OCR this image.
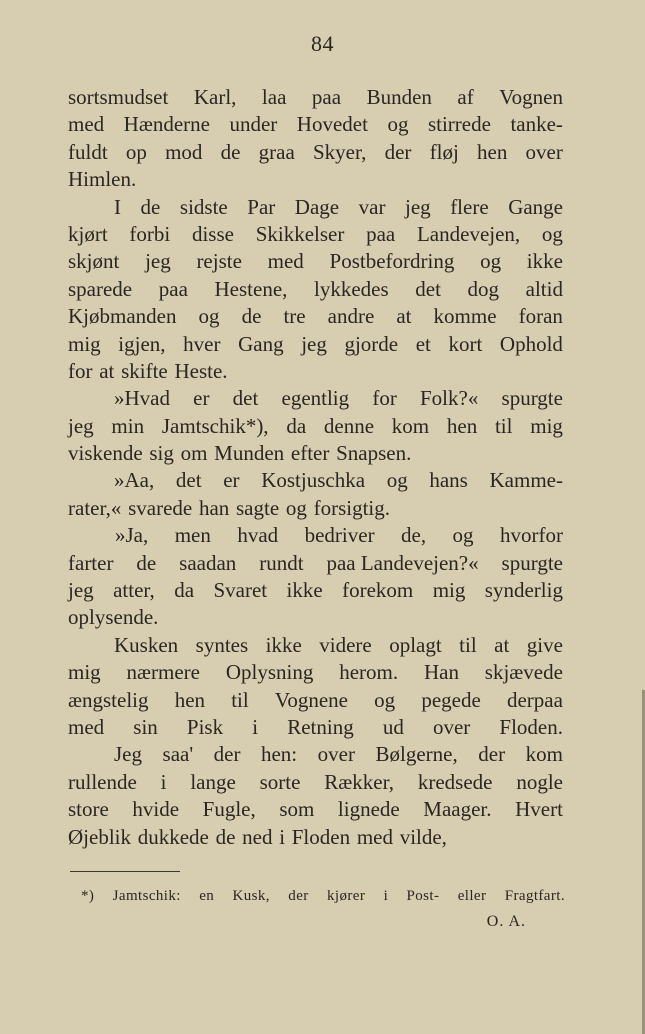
84
sortsmudset Karl, laa paa Bunden af Vognen
med Hænderne under Hovedet og stirrede tanke-
fuldt op mod de graa Skyer, der fløj hen over
Himlen.
I de sidste Par Dage var jeg flere Gange
kjørt forbi disse Skikkelser paa Landevejen, og
skjønt jeg rejste med Postbefordring og ikke
sparede paa Hestene, lykkedes det dog altid
Kjøbmanden og de tre andre at komme foran
mig igjen, hver Gang jeg gjorde et kort Ophold
for at skifte Heste.
»Hvad er det egentlig for Folk?« spurgte
jeg min Jamtschik*), da denne kom hen til mig
viskende sig om Munden efter Snapsen.
»Aa, det er Kostjuschka og hans Kamme-
rater,« svarede han sagte og forsigtig.
»Ja, men hvad bedriver de, og hvorfor
farter de saadan rundt paa Landevejen?« spurgte
jeg atter, da Svaret ikke forekom mig synderlig
oplysende.
Kusken syntes ikke videre oplagt til at give
mig nærmere Oplysning herom. Han skjævede
ængstelig hen til Vognene og pegede derpaa
med sin Pisk i Retning ud over Floden.
Jeg saa' der hen: over Bølgerne, der kom
rullende i lange sorte Rækker, kredsede nogle
store hvide Fugle, som lignede Maager. Hvert
Øjeblik dukkede de ned i Floden med vilde,
*) Jamtschik: en Kusk, der kjører i Post- eller Fragtfart.
O. A.
